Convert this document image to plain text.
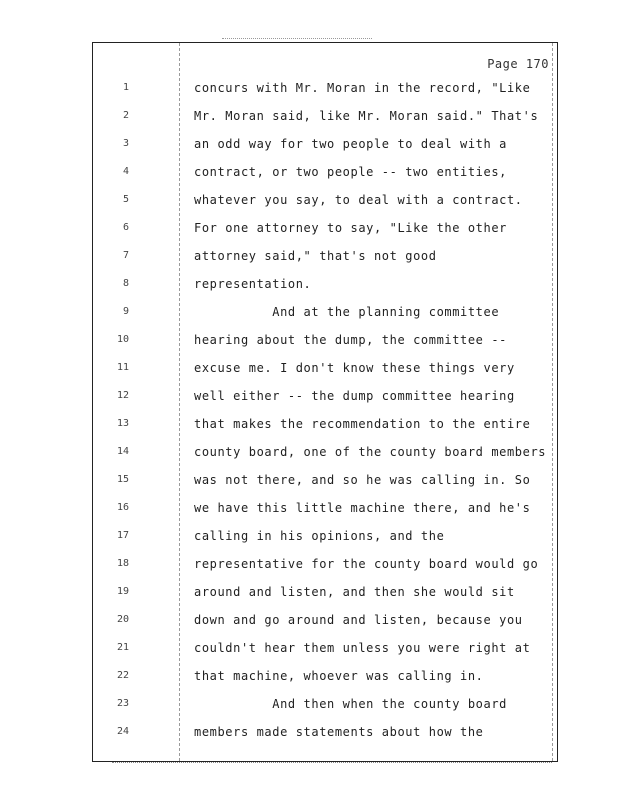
Page 170
1	concurs with Mr. Moran in the record, "Like
2	Mr. Moran said, like Mr. Moran said." That's
3	an odd way for two people to deal with a
4	contract, or two people -- two entities,
5	whatever you say, to deal with a contract.
6	For one attorney to say, "Like the other
7	attorney said," that's not good
8	representation.
9	And at the planning committee
10	hearing about the dump, the committee --
11	excuse me. I don't know these things very
12	well either -- the dump committee hearing
13	that makes the recommendation to the entire
14	county board, one of the county board members
15	was not there, and so he was calling in. So
16	we have this little machine there, and he's
17	calling in his opinions, and the
18	representative for the county board would go
19	around and listen, and then she would sit
20	down and go around and listen, because you
21	couldn't hear them unless you were right at
22	that machine, whoever was calling in.
23	And then when the county board
24	members made statements about how the
